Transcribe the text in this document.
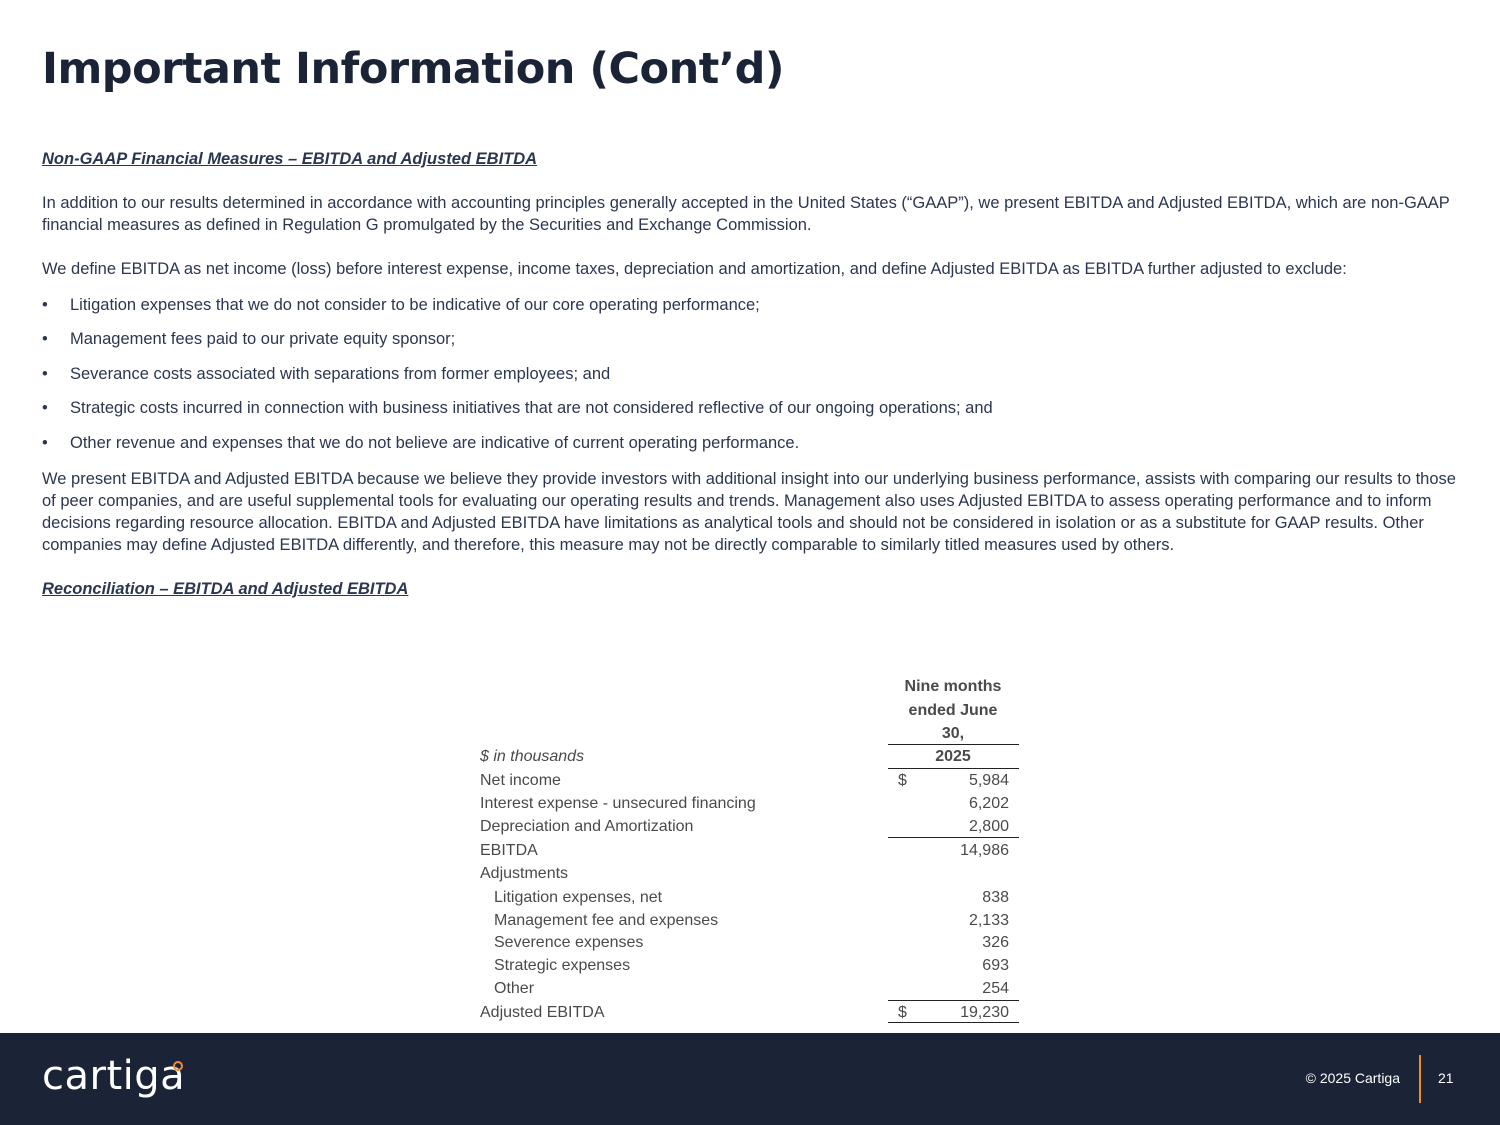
Important Information (Cont’d)

Non-GAAP Financial Measures – EBITDA and Adjusted EBITDA

In addition to our results determined in accordance with accounting principles generally accepted in the United States (“GAAP”), we present EBITDA and Adjusted EBITDA, which are non-GAAP financial measures as defined in Regulation G promulgated by the Securities and Exchange Commission.

We define EBITDA as net income (loss) before interest expense, income taxes, depreciation and amortization, and define Adjusted EBITDA as EBITDA further adjusted to exclude:

• Litigation expenses that we do not consider to be indicative of our core operating performance;
• Management fees paid to our private equity sponsor;
• Severance costs associated with separations from former employees; and
• Strategic costs incurred in connection with business initiatives that are not considered reflective of our ongoing operations; and
• Other revenue and expenses that we do not believe are indicative of current operating performance.

We present EBITDA and Adjusted EBITDA because we believe they provide investors with additional insight into our underlying business performance, assists with comparing our results to those of peer companies, and are useful supplemental tools for evaluating our operating results and trends. Management also uses Adjusted EBITDA to assess operating performance and to inform decisions regarding resource allocation. EBITDA and Adjusted EBITDA have limitations as analytical tools and should not be considered in isolation or as a substitute for GAAP results. Other companies may define Adjusted EBITDA differently, and therefore, this measure may not be directly comparable to similarly titled measures used by others.

Reconciliation – EBITDA and Adjusted EBITDA

Nine months
ended June
30,
$ in thousands	2025
Net income	$	5,984
Interest expense - unsecured financing	6,202
Depreciation and Amortization	2,800
EBITDA	14,986
Adjustments
Litigation expenses, net	838
Management fee and expenses	2,133
Severence expenses	326
Strategic expenses	693
Other	254
Adjusted EBITDA	$	19,230
cartiga	© 2025 Cartiga	21
